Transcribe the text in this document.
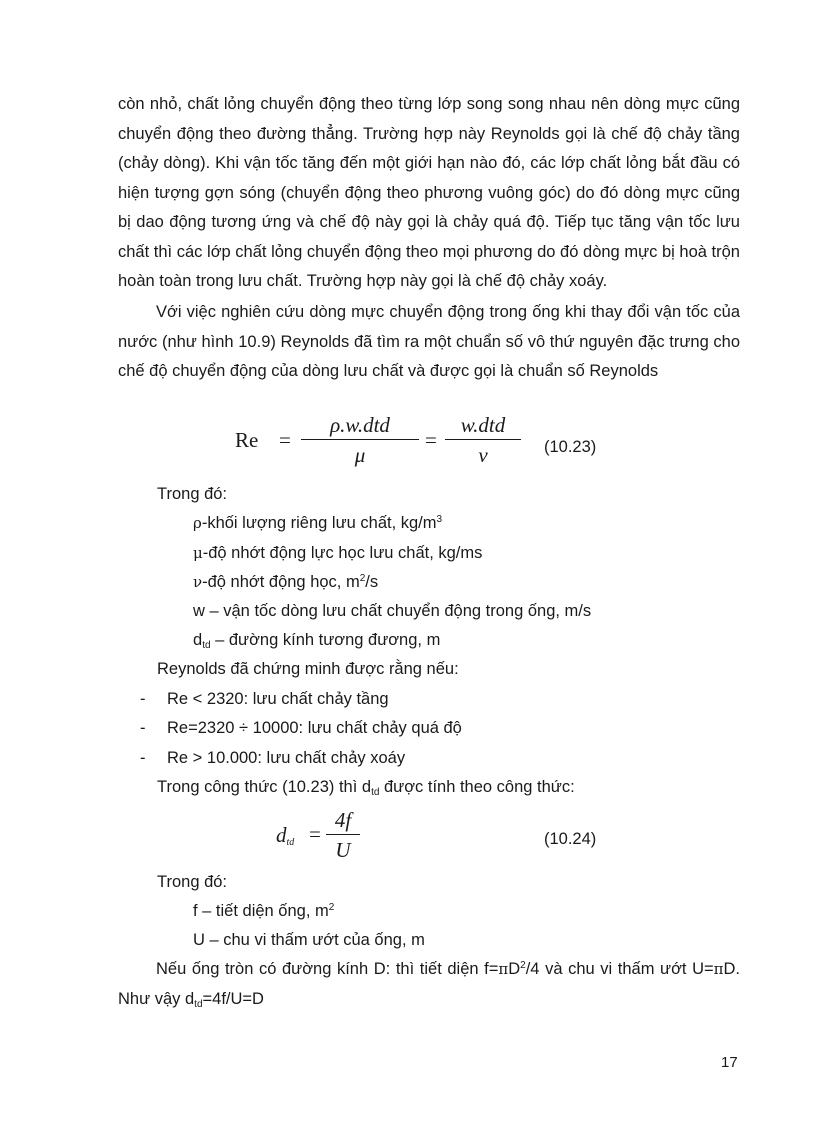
còn nhỏ, chất lỏng chuyển động theo từng lớp song song nhau nên dòng mực cũng chuyển động theo đường thẳng. Trường hợp này Reynolds gọi là chế độ chảy tầng (chảy dòng). Khi vận tốc tăng đến một giới hạn nào đó, các lớp chất lỏng bắt đầu có hiện tượng gợn sóng (chuyển động theo phương vuông góc) do đó dòng mực cũng bị dao động tương ứng và chế độ này gọi là chảy quá độ. Tiếp tục tăng vận tốc lưu chất thì các lớp chất lỏng chuyển động theo mọi phương do đó dòng mực bị hoà trộn hoàn toàn trong lưu chất. Trường hợp này gọi là chế độ chảy xoáy.

Với việc nghiên cứu dòng mực chuyển động trong ống khi thay đổi vận tốc của nước (như hình 10.9) Reynolds đã tìm ra một chuẩn số vô thứ nguyên đặc trưng cho chế độ chuyển động của dòng lưu chất và được gọi là chuẩn số Reynolds

Re =
ρ.w.dtd
μ
=
w.dtd
ν	(10.23)

Trong đó:

ρ-khối lượng riêng lưu chất, $kg/m^3$

μ-độ nhớt động lực học lưu chất, kg/ms

ν-độ nhớt động học, $m^2/s$

w – vận tốc dòng lưu chất chuyển động trong ống, m/s

$d_{td}$ – đường kính tương đương, m

Reynolds đã chứng minh được rằng nếu:

- Re < 2320: lưu chất chảy tầng

- Re=2320 ÷ 10000: lưu chất chảy quá độ

- Re > 10.000: lưu chất chảy xoáy

Trong công thức (10.23) thì $d_{td}$ được tính theo công thức:

$d_{td}$ =
4f
U	(10.24)

Trong đó:

f – tiết diện ống, $m^2$

U – chu vi thấm ướt của ống, m

Nếu ống tròn có đường kính D: thì tiết diện $f=\pi D^2/4$ và chu vi thấm ướt U=πD. Như vậy $d_{td}=4f/U=D$

17
